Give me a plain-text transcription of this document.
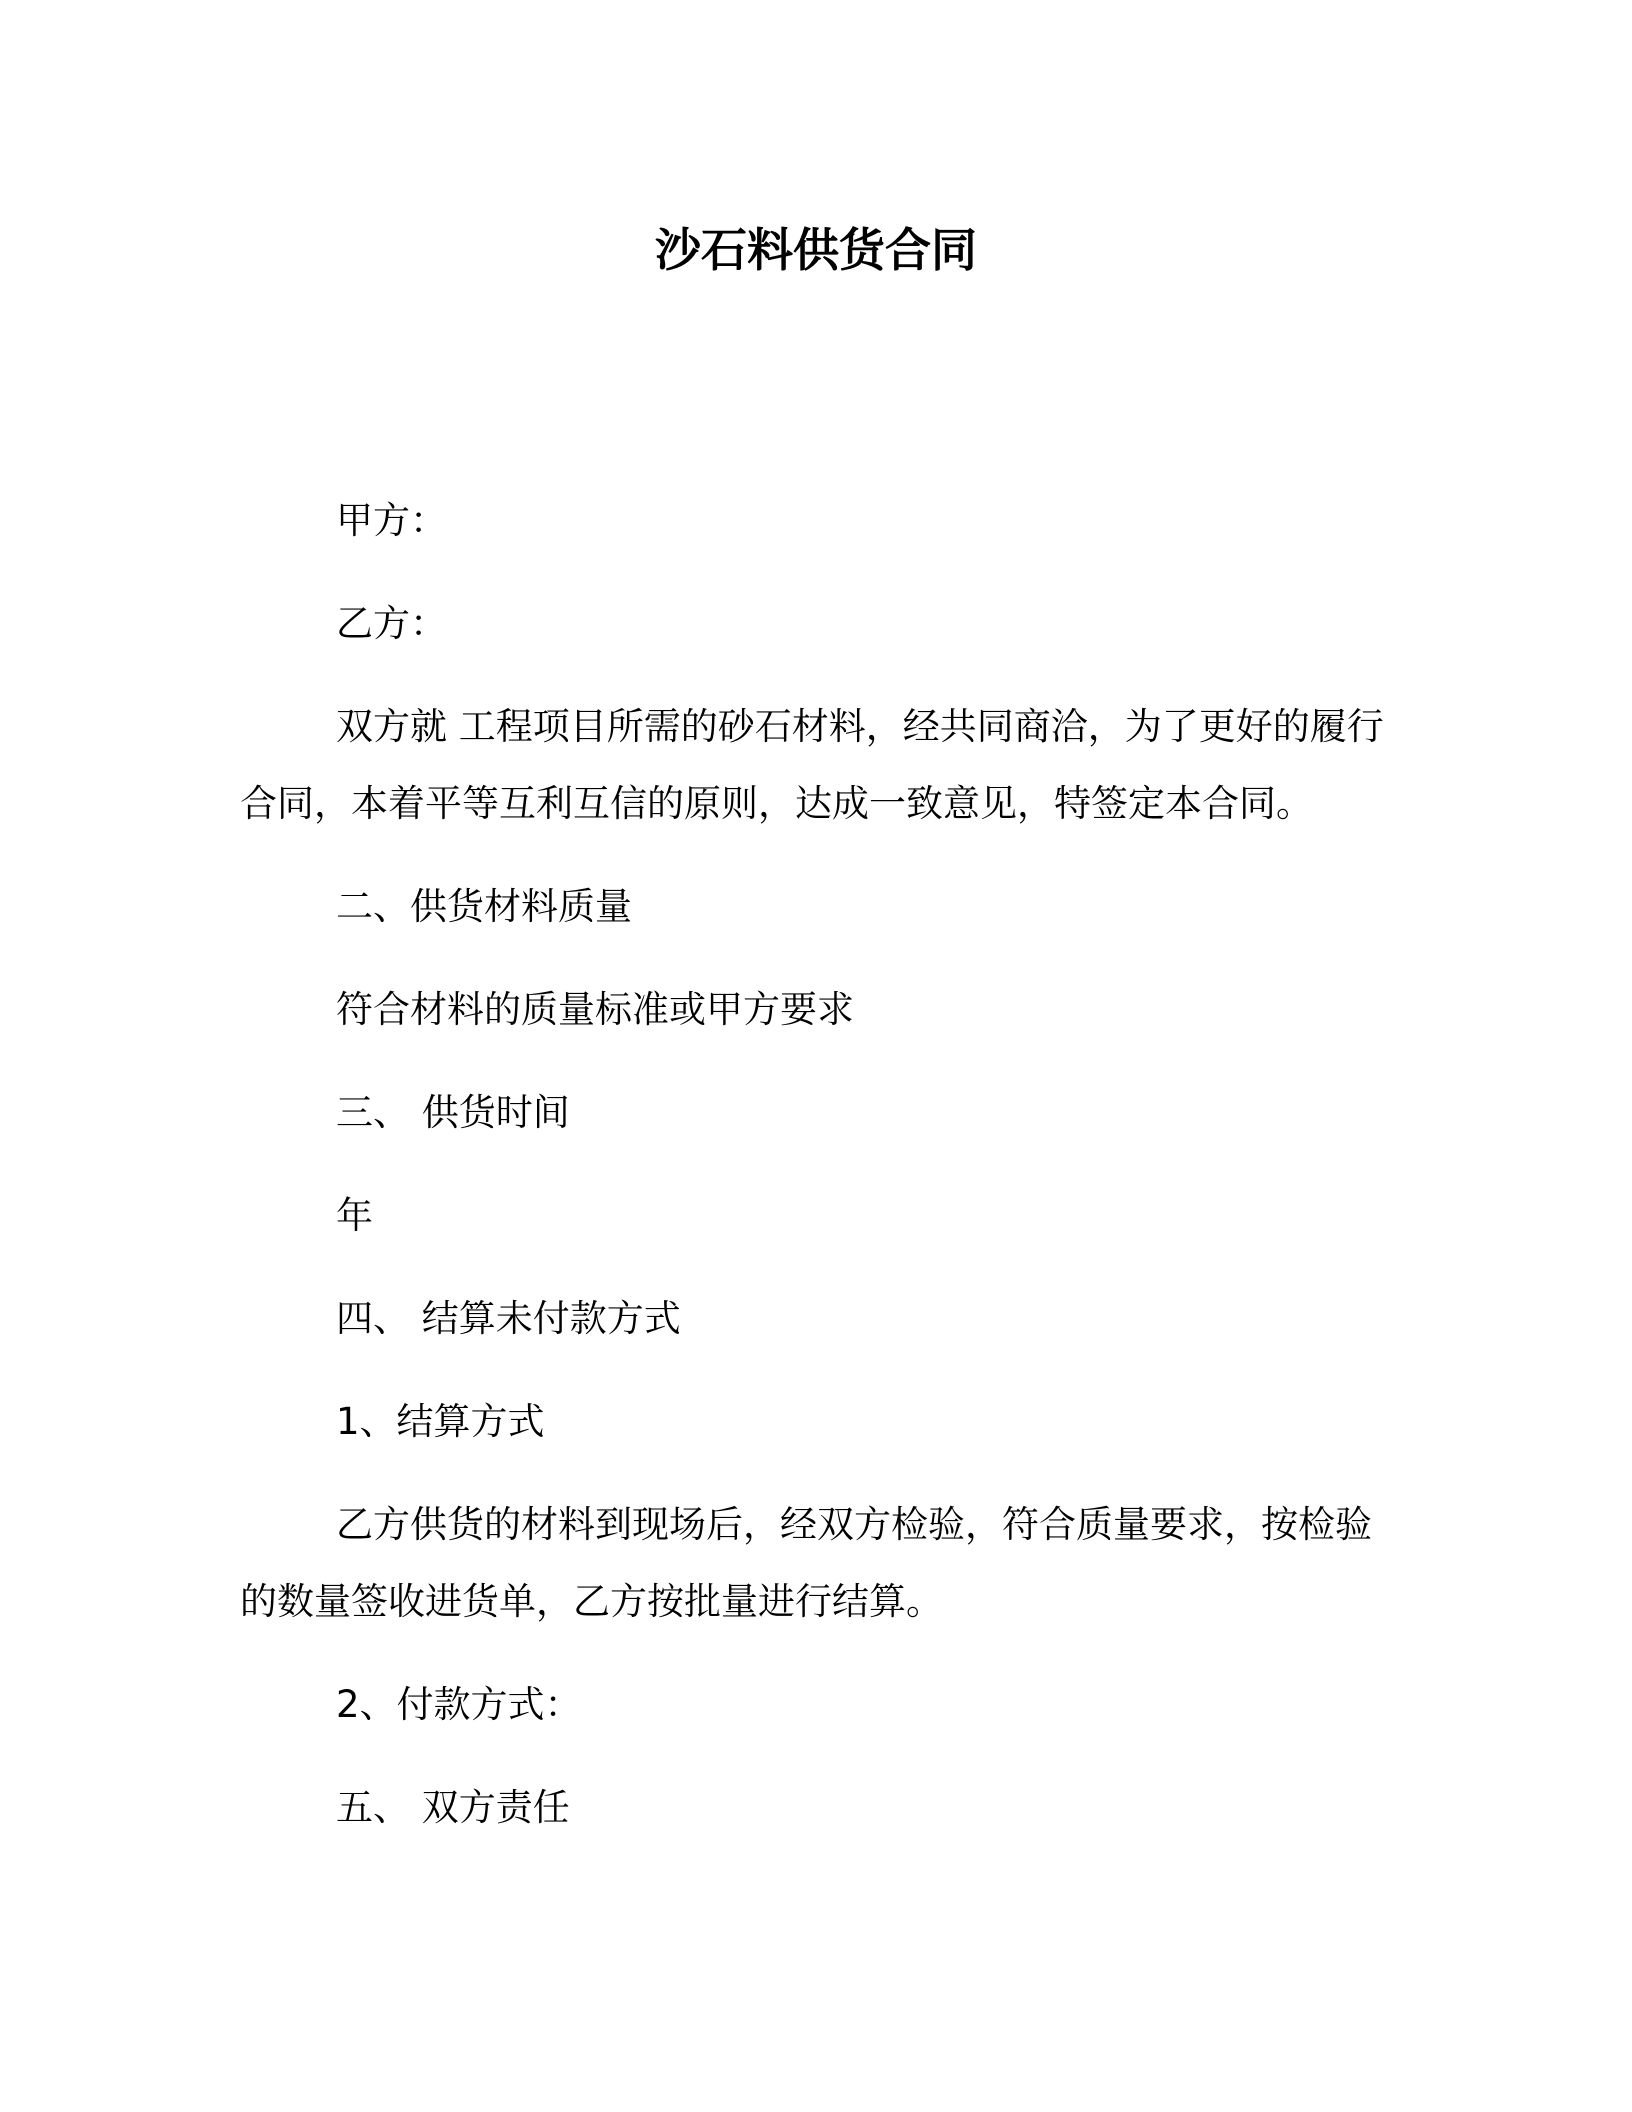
沙石料供货合同

甲方：

乙方：

双方就 工程项目所需的砂石材料，经共同商洽，为了更好的履行
合同，本着平等互利互信的原则，达成一致意见，特签定本合同。

二、供货材料质量

符合材料的质量标准或甲方要求

三、 供货时间

年

四、 结算未付款方式

1、结算方式

乙方供货的材料到现场后，经双方检验，符合质量要求，按检验
的数量签收进货单，乙方按批量进行结算。

2、付款方式：

五、 双方责任
